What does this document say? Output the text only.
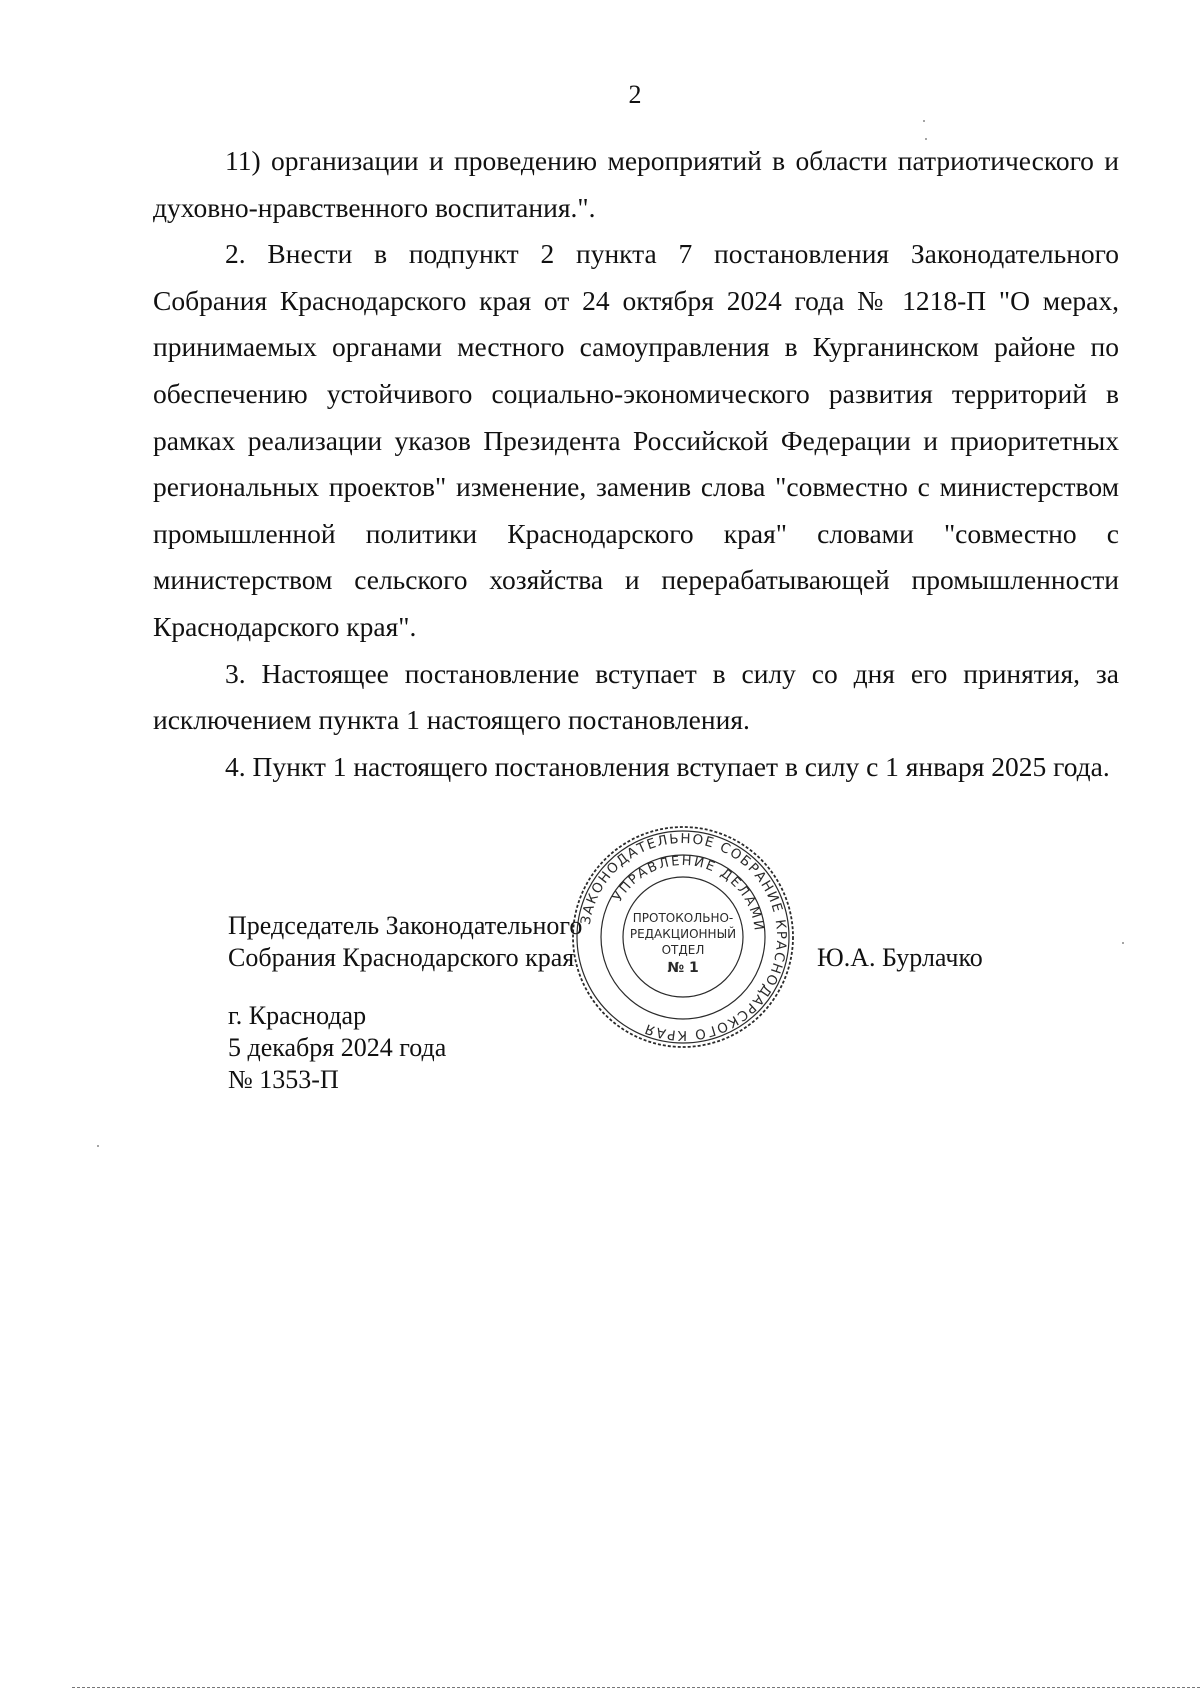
2

11) организации и проведению мероприятий в области патриотического и духовно-нравственного воспитания.".

2. Внести в подпункт 2 пункта 7 постановления Законодательного Собрания Краснодарского края от 24 октября 2024 года № 1218-П "О мерах, принимаемых органами местного самоуправления в Курганинском районе по обеспечению устойчивого социально-экономического развития территорий в рамках реализации указов Президента Российской Федерации и приоритетных региональных проектов" изменение, заменив слова "совместно с министерством промышленной политики Краснодарского края" словами "совместно с министерством сельского хозяйства и перерабатывающей промышленности Краснодарского края".

3. Настоящее постановление вступает в силу со дня его принятия, за исключением пункта 1 настоящего постановления.

4. Пункт 1 настоящего постановления вступает в силу с 1 января 2025 года.

Председатель Законодательного
Собрания Краснодарского края	Ю.А. Бурлачко
г. Краснодар
5 декабря 2024 года
№ 1353-П
ЗАКОНОДАТЕЛЬНОЕ СОБРАНИЕ КРАСНОДАРСКОГО КРАЯ
УПРАВЛЕНИЕ ДЕЛАМИ
ПРОТОКОЛЬНО-
РЕДАКЦИОННЫЙ
ОТДЕЛ
№ 1
